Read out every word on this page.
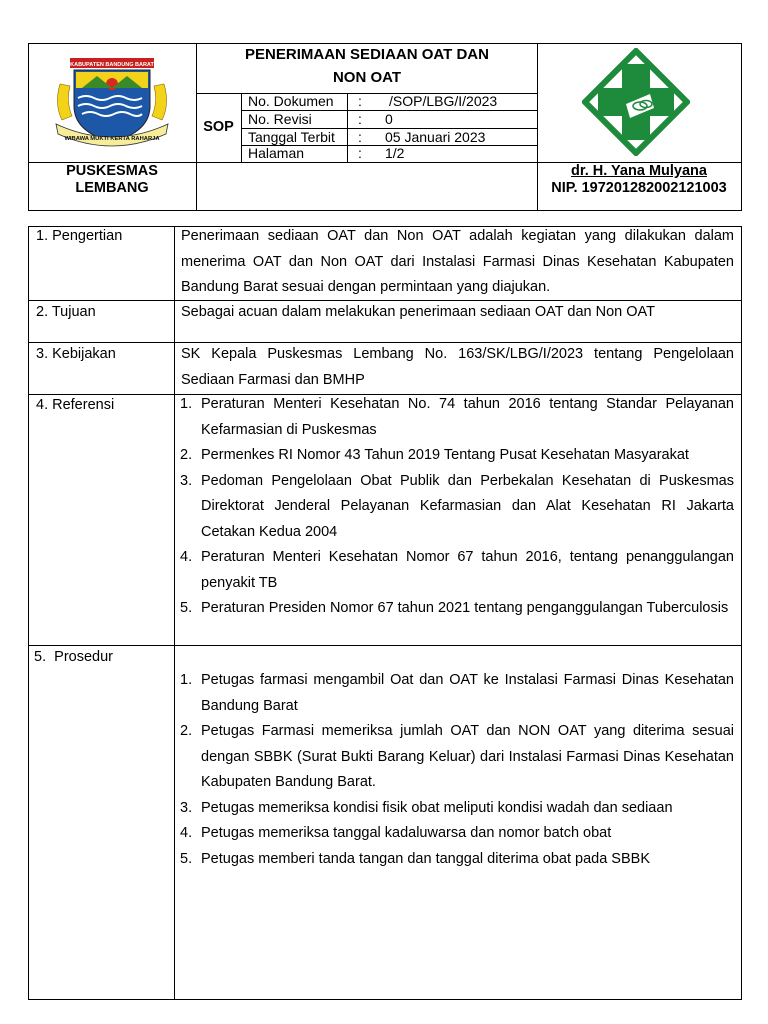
KABUPATEN BANDUNG BARAT
WIBAWA MUKTI KERTA RAHARJA
PENERIMAAN SEDIAAN OAT DAN
NON OAT
SOP
No. Dokumen : /SOP/LBG/I/2023
No. Revisi	: 0
Tanggal Terbit : 05 Januari 2023
Halaman	: 1/2
PUSKESMAS
LEMBANG
dr. H. Yana Mulyana
NIP. 197201282002121003
1. Pengertian	Penerimaan sediaan OAT dan Non OAT adalah kegiatan yang dilakukan dalam menerima OAT dan Non OAT dari Instalasi Farmasi Dinas Kesehatan Kabupaten Bandung Barat sesuai dengan permintaan yang diajukan.
2. Tujuan	Sebagai acuan dalam melakukan penerimaan sediaan OAT dan Non OAT
3. Kebijakan	SK Kepala Puskesmas Lembang No. 163/SK/LBG/I/2023 tentang Pengelolaan Sediaan Farmasi dan BMHP
4. Referensi	1. Peraturan Menteri Kesehatan No. 74 tahun 2016 tentang Standar Pelayanan Kefarmasian di Puskesmas
2. Permenkes RI Nomor 43 Tahun 2019 Tentang Pusat Kesehatan Masyarakat
3. Pedoman Pengelolaan Obat Publik dan Perbekalan Kesehatan di Puskesmas Direktorat Jenderal Pelayanan Kefarmasian dan Alat Kesehatan RI Jakarta Cetakan Kedua 2004
4. Peraturan Menteri Kesehatan Nomor 67 tahun 2016, tentang penanggulangan penyakit TB
5. Peraturan Presiden Nomor 67 tahun 2021 tentang penganggulangan Tuberculosis
5.  Prosedur
1. Petugas farmasi mengambil Oat dan OAT ke Instalasi Farmasi Dinas Kesehatan Bandung Barat
2. Petugas Farmasi memeriksa jumlah OAT dan NON OAT yang diterima sesuai dengan SBBK (Surat Bukti Barang Keluar) dari Instalasi Farmasi Dinas Kesehatan Kabupaten Bandung Barat.
3. Petugas memeriksa kondisi fisik obat meliputi kondisi wadah dan sediaan
4. Petugas memeriksa tanggal kadaluwarsa dan nomor batch obat
5. Petugas memberi tanda tangan dan tanggal diterima obat pada SBBK
